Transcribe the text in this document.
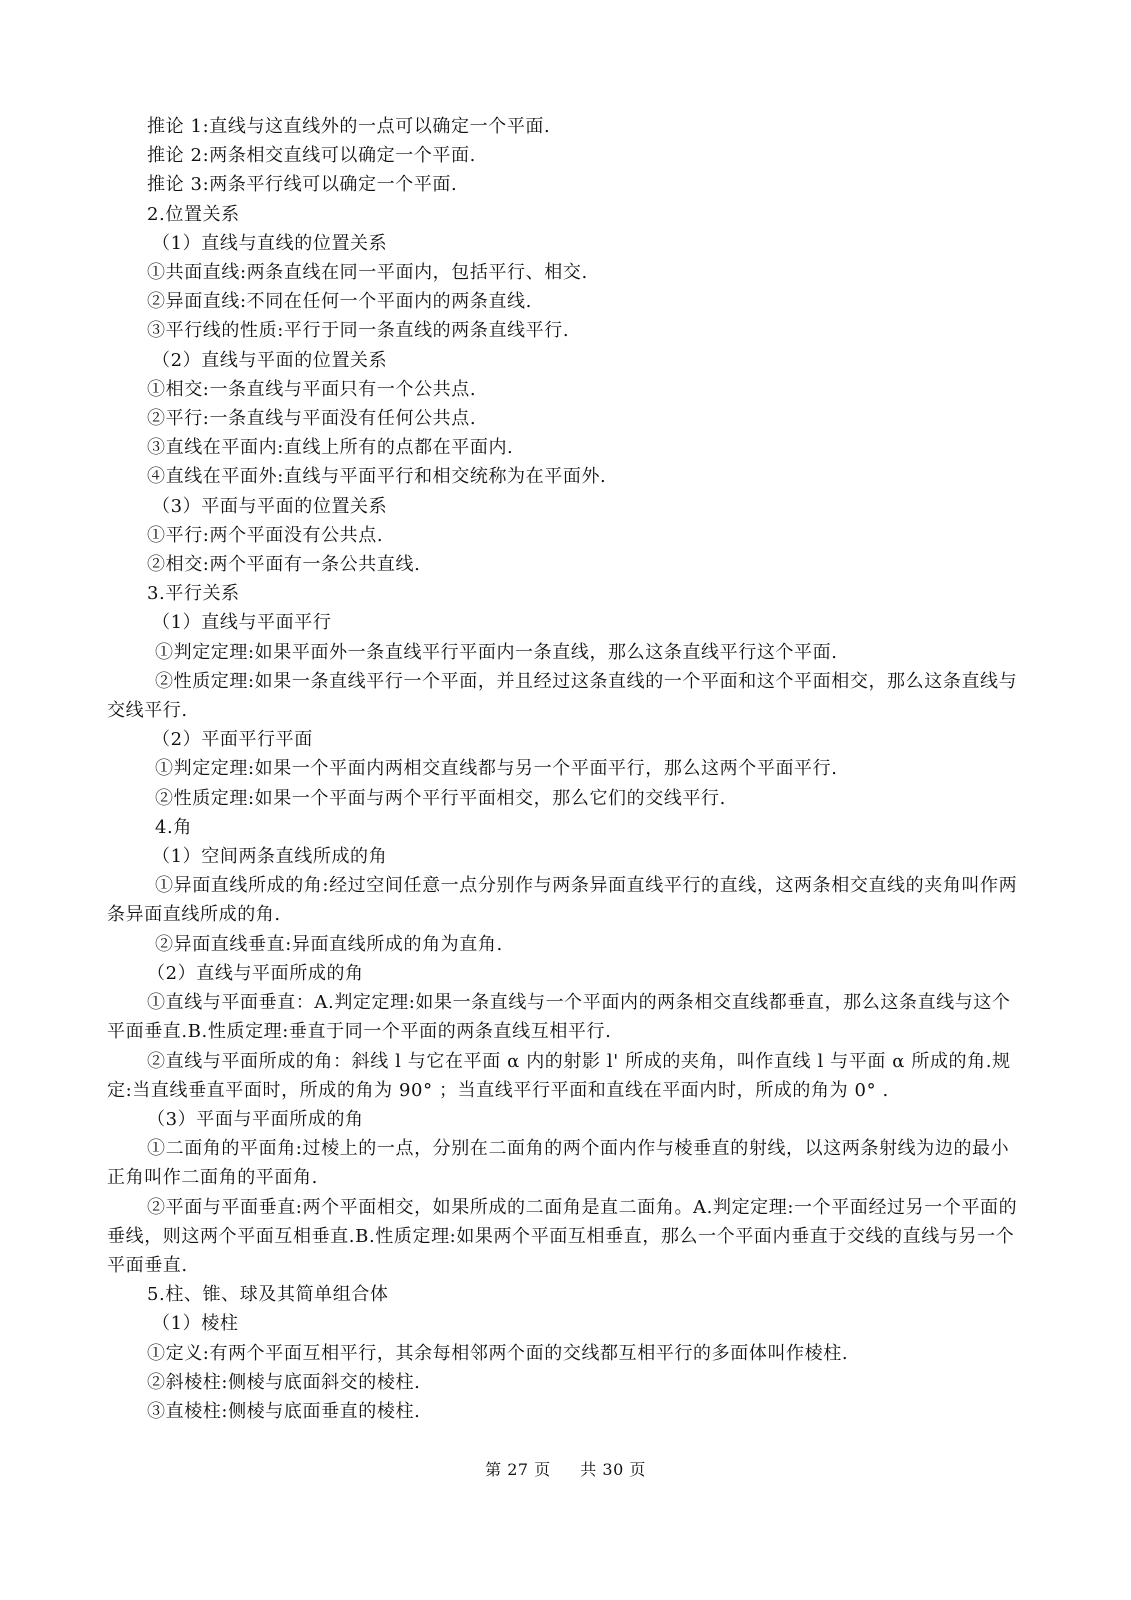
推论 1:直线与这直线外的一点可以确定一个平面.
推论 2:两条相交直线可以确定一个平面.
推论 3:两条平行线可以确定一个平面.
2.位置关系
（1）直线与直线的位置关系
①共面直线:两条直线在同一平面内，包括平行、相交.
②异面直线:不同在任何一个平面内的两条直线.
③平行线的性质:平行于同一条直线的两条直线平行.
（2）直线与平面的位置关系
①相交:一条直线与平面只有一个公共点.
②平行:一条直线与平面没有任何公共点.
③直线在平面内:直线上所有的点都在平面内.
④直线在平面外:直线与平面平行和相交统称为在平面外.
（3）平面与平面的位置关系
①平行:两个平面没有公共点.
②相交:两个平面有一条公共直线.
3.平行关系
（1）直线与平面平行
①判定定理:如果平面外一条直线平行平面内一条直线，那么这条直线平行这个平面.
②性质定理:如果一条直线平行一个平面，并且经过这条直线的一个平面和这个平面相交，那么这条直线与交线平行.
（2）平面平行平面
①判定定理:如果一个平面内两相交直线都与另一个平面平行，那么这两个平面平行.
②性质定理:如果一个平面与两个平行平面相交，那么它们的交线平行.
4.角
（1）空间两条直线所成的角
①异面直线所成的角:经过空间任意一点分别作与两条异面直线平行的直线，这两条相交直线的夹角叫作两条异面直线所成的角.
②异面直线垂直:异面直线所成的角为直角.
（2）直线与平面所成的角
①直线与平面垂直：A.判定定理:如果一条直线与一个平面内的两条相交直线都垂直，那么这条直线与这个平面垂直.B.性质定理:垂直于同一个平面的两条直线互相平行.
②直线与平面所成的角：斜线 l 与它在平面 α 内的射影 l' 所成的夹角，叫作直线 l 与平面 α 所成的角.规定:当直线垂直平面时，所成的角为 90° ；当直线平行平面和直线在平面内时，所成的角为 0° .
（3）平面与平面所成的角
①二面角的平面角:过棱上的一点，分别在二面角的两个面内作与棱垂直的射线，以这两条射线为边的最小正角叫作二面角的平面角.
②平面与平面垂直:两个平面相交，如果所成的二面角是直二面角。A.判定定理:一个平面经过另一个平面的垂线，则这两个平面互相垂直.B.性质定理:如果两个平面互相垂直，那么一个平面内垂直于交线的直线与另一个平面垂直.
5.柱、锥、球及其简单组合体
（1）棱柱
①定义:有两个平面互相平行，其余每相邻两个面的交线都互相平行的多面体叫作棱柱.
②斜棱柱:侧棱与底面斜交的棱柱.
③直棱柱:侧棱与底面垂直的棱柱.
第 27 页 共 30 页
